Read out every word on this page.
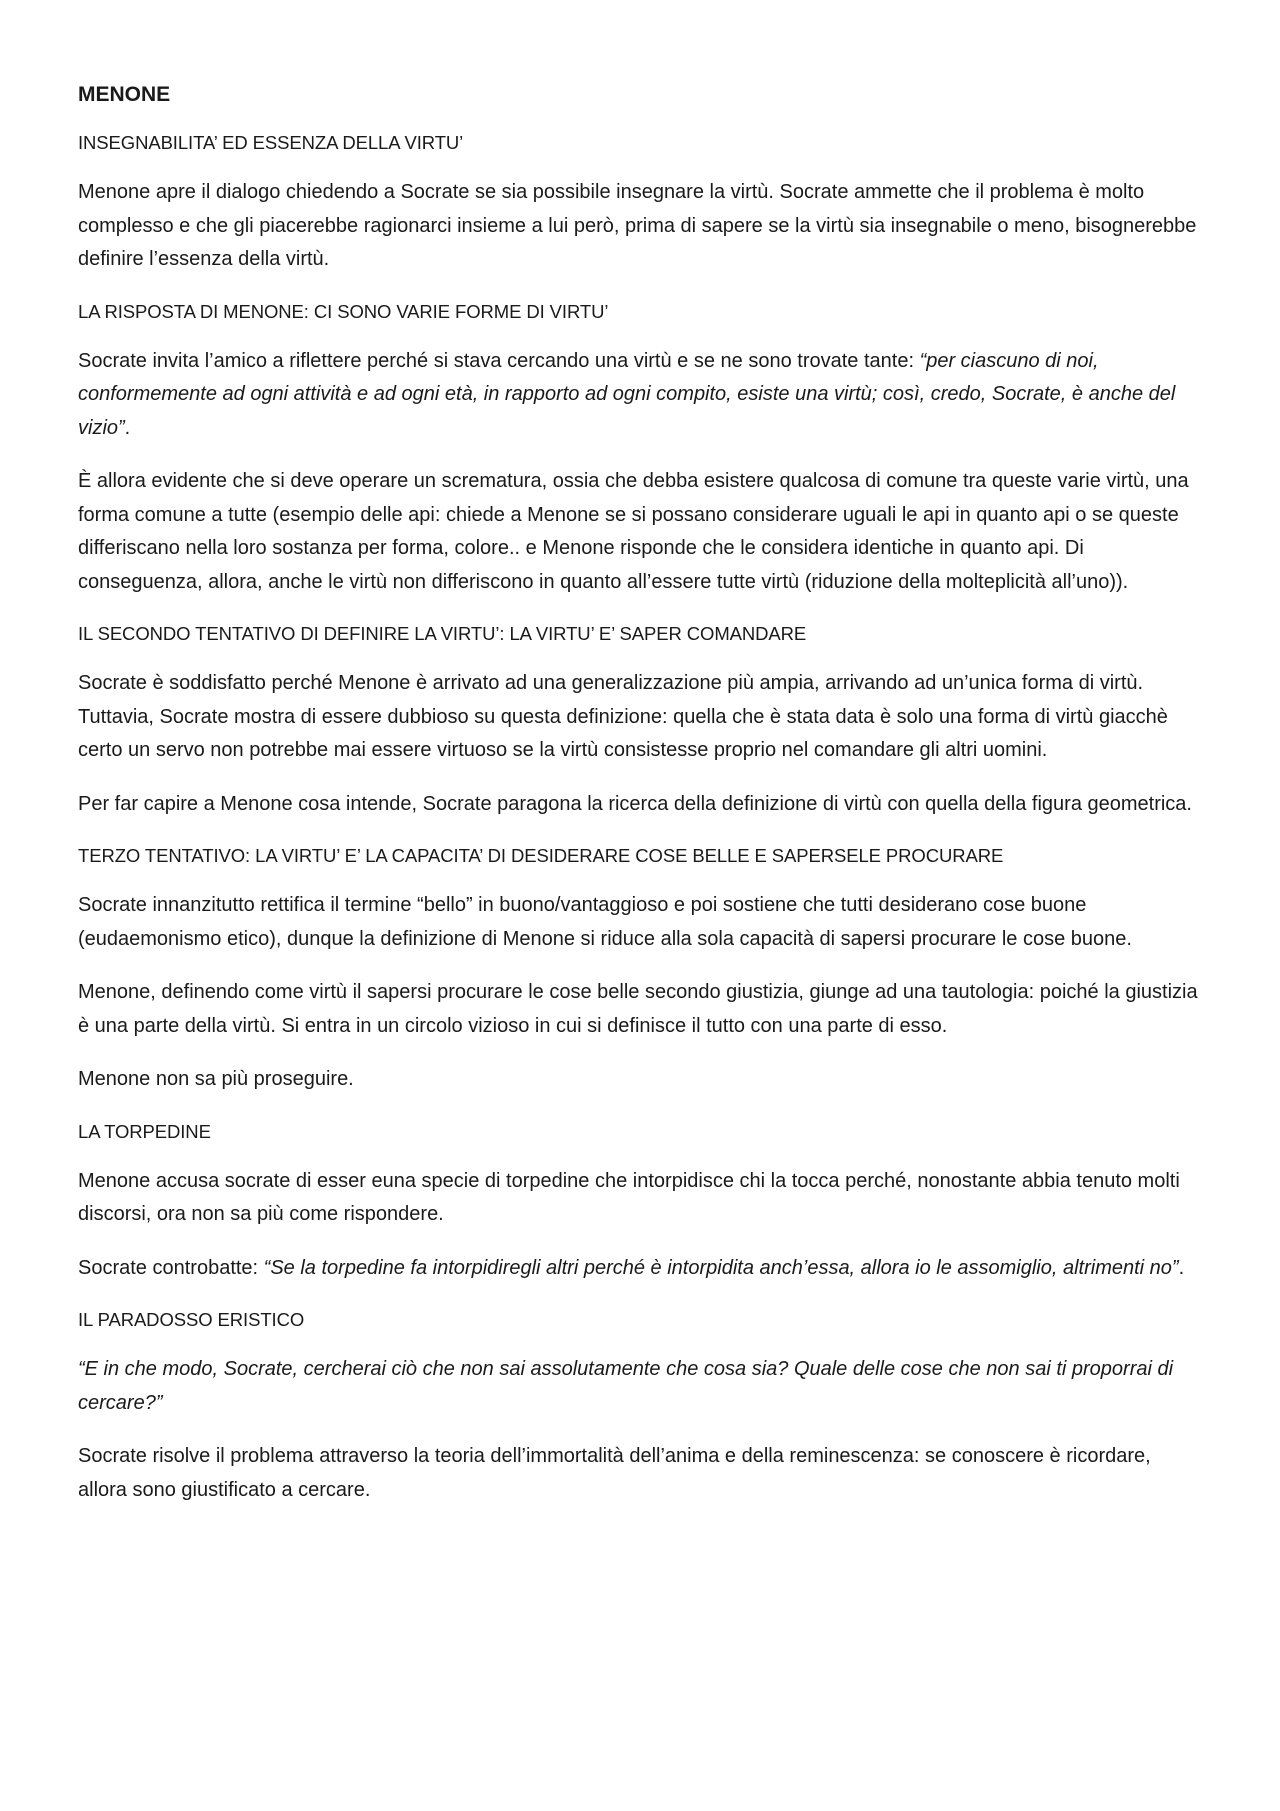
MENONE
INSEGNABILITA’ ED ESSENZA DELLA VIRTU’

Menone apre il dialogo chiedendo a Socrate se sia possibile insegnare la virtù. Socrate ammette che il problema è molto complesso e che gli piacerebbe ragionarci insieme a lui però, prima di sapere se la virtù sia insegnabile o meno, bisognerebbe definire l’essenza della virtù.

LA RISPOSTA DI MENONE: CI SONO VARIE FORME DI VIRTU’

Socrate invita l’amico a riflettere perché si stava cercando una virtù e se ne sono trovate tante: “per ciascuno di noi, conformemente ad ogni attività e ad ogni età, in rapporto ad ogni compito, esiste una virtù; così, credo, Socrate, è anche del vizio”.

È allora evidente che si deve operare un scrematura, ossia che debba esistere qualcosa di comune tra queste varie virtù, una forma comune a tutte (esempio delle api: chiede a Menone se si possano considerare uguali le api in quanto api o se queste differiscano nella loro sostanza per forma, colore.. e Menone risponde che le considera identiche in quanto api. Di conseguenza, allora, anche le virtù non differiscono in quanto all’essere tutte virtù (riduzione della molteplicità all’uno)).

IL SECONDO TENTATIVO DI DEFINIRE LA VIRTU’: LA VIRTU’ E’ SAPER COMANDARE

Socrate è soddisfatto perché Menone è arrivato ad una generalizzazione più ampia, arrivando ad un’unica forma di virtù. Tuttavia, Socrate mostra di essere dubbioso su questa definizione: quella che è stata data è solo una forma di virtù giacchè certo un servo non potrebbe mai essere virtuoso se la virtù consistesse proprio nel comandare gli altri uomini.

Per far capire a Menone cosa intende, Socrate paragona la ricerca della definizione di virtù con quella della figura geometrica.

TERZO TENTATIVO: LA VIRTU’ E’ LA CAPACITA’ DI DESIDERARE COSE BELLE E SAPERSELE PROCURARE

Socrate innanzitutto rettifica il termine “bello” in buono/vantaggioso e poi sostiene che tutti desiderano cose buone (eudaemonismo etico), dunque la definizione di Menone si riduce alla sola capacità di sapersi procurare le cose buone.

Menone, definendo come virtù il sapersi procurare le cose belle secondo giustizia, giunge ad una tautologia: poiché la giustizia è una parte della virtù. Si entra in un circolo vizioso in cui si definisce il tutto con una parte di esso.

Menone non sa più proseguire.

LA TORPEDINE

Menone accusa socrate di esser euna specie di torpedine che intorpidisce chi la tocca perché, nonostante abbia tenuto molti discorsi, ora non sa più come rispondere.

Socrate controbatte: “Se la torpedine fa intorpidiregli altri perché è intorpidita anch’essa, allora io le assomiglio, altrimenti no”.

IL PARADOSSO ERISTICO

“E in che modo, Socrate, cercherai ciò che non sai assolutamente che cosa sia? Quale delle cose che non sai ti proporrai di cercare?”

Socrate risolve il problema attraverso la teoria dell’immortalità dell’anima e della reminescenza: se conoscere è ricordare, allora sono giustificato a cercare.
